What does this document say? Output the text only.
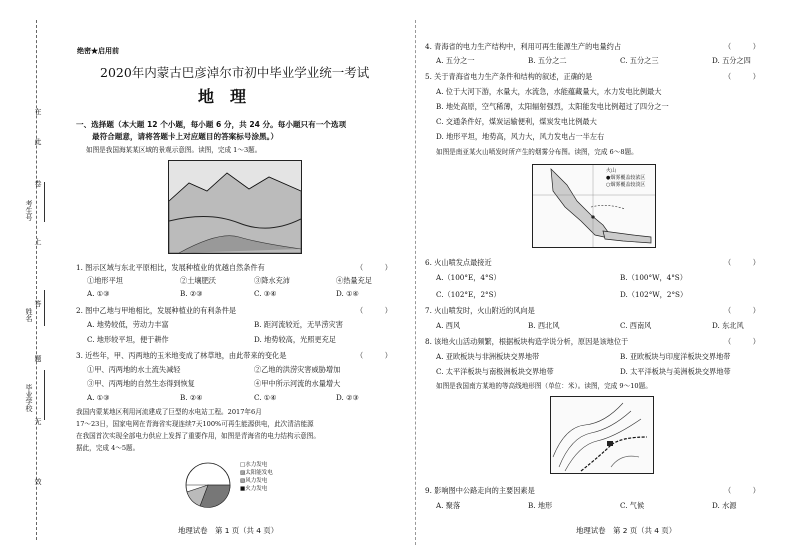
在
此
卷
上
答
题
无
效
考生号
姓名
毕业学校
绝密★启用前
2020年内蒙古巴彦淖尔市初中毕业学业统一考试
地　理
一、选择题（本大题 12 个小题，每小题 6 分，共 24 分。每小题只有一个选项
最符合题意，请将答题卡上对应题目的答案标号涂黑。）
如图是我国海某某区域的景观示意图。读图，完成 1～3题。
1. 图示区域与东北平原相比，发展种植业的优越自然条件有	（　　　）
①地形平坦	②土壤肥沃	③降水充沛	④热量充足
A. ①③	B. ②③	C. ③④	D. ①④
2. 图中乙地与甲地相比，发展种植业的有利条件是	（　　　）
A. 地势较低，劳动力丰富	B. 距河流较近，无旱涝灾害
C. 地形较平坦，便于耕作	D. 地势较高，光照更充足
3. 近些年，甲、丙两地的玉米地变成了林草地，由此带来的变化是	（　　　）
①甲、丙两地的水土流失减轻	②乙地的洪涝灾害威胁增加
③甲、丙两地的自然生态得到恢复	④甲中所示河流的水量增大
A. ①③	B. ②④	C. ①④	D. ②③
我国内蒙某地区利用河流建成了巨型的水电站工程。2017年6月
17～23日，国家电网在青海省实现连续7天100%可再生能源供电，此次清洁能源
在我国首次实现全部电力供应上发挥了重要作用，如图是青海省的电力结构示意图。
据此，完成 4～5题。
□水力发电
▨太阳能发电
▧风力发电
■火力发电
地理试卷　第 1 页（共 4 页）
4. 青海省的电力生产结构中，利用可再生能源生产的电量约占	（　　　）
A. 五分之一	B. 五分之二	C. 五分之三	D. 五分之四
5. 关于青海省电力生产条件和结构的叙述，正确的是	（　　　）
A. 位于大河下游，水量大，水流急，水能蕴藏量大，水力发电比例最大
B. 地处高原，空气稀薄，太阳辐射强烈，太阳能发电比例超过了四分之一
C. 交通条件好，煤炭运输便利，煤炭发电比例最大
D. 地形平坦，地势高，风力大，风力发电占一半左右
如图是南亚某火山喷发时所产生的烟雾分布图。读图，完成 6～8题。
火山
●烟雾覆盖较浓区
○烟雾覆盖较淡区
6. 火山喷发点最接近	（　　　）
A.（100°E，4°S）	B.（100°W，4°S）
C.（102°E，2°S）	D.（102°W，2°S）
7. 火山喷发时，火山附近的风向是	（　　　）
A. 西风	B. 西北风	C. 西南风	D. 东北风
8. 该地火山活动频繁，根据板块构造学说分析，原因是该地位于	（　　　）
A. 亚欧板块与非洲板块交界地带	B. 亚欧板块与印度洋板块交界地带
C. 太平洋板块与南极洲板块交界地带	D. 太平洋板块与美洲板块交界地带
如图是我国南方某地的等高线地形图（单位：米）。读图，完成 9～10题。
9. 影响图中公路走向的主要因素是	（　　　）
A. 聚落	B. 地形	C. 气候	D. 水源
地理试卷　第 2 页（共 4 页）
